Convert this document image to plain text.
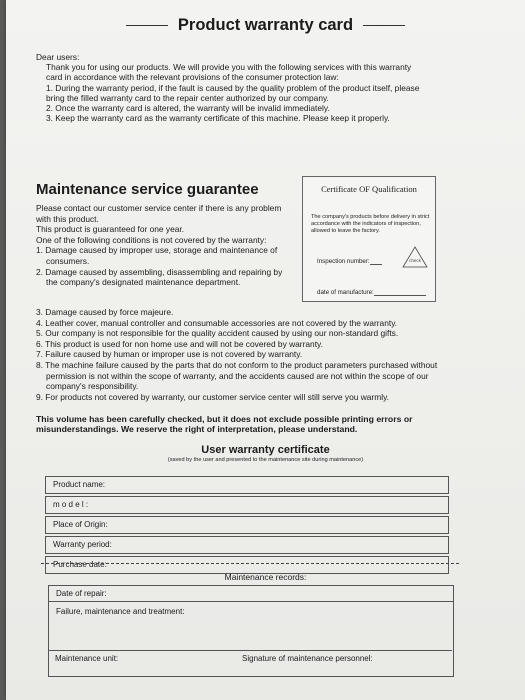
Product warranty card

Dear users:

Thank you for using our products. We will provide you with the following services with this warranty card in accordance with the relevant provisions of the consumer protection law:

1. During the warranty period, if the fault is caused by the quality problem of the product itself, please bring the filled warranty card to the repair center authorized by our company.
2. Once the warranty card is altered, the warranty will be invalid immediately.
3. Keep the warranty card as the warranty certificate of this machine. Please keep it properly.
Maintenance service guarantee	Certificate OF Qualification
The company's products before delivery in strict accordance with the indicators of inspection, allowed to leave the factory.
Inspection number:
date of manufacture:
check

Please contact our customer service center if there is any problem with this product.

This product is guaranteed for one year.

One of the following conditions is not covered by the warranty:

1. Damage caused by improper use, storage and maintenance of consumers.

2. Damage caused by assembling, disassembling and repairing by the company's designated maintenance department.

3. Damage caused by force majeure.

4. Leather cover, manual controller and consumable accessories are not covered by the warranty.

5. Our company is not responsible for the quality accident caused by using our non-standard gifts.

6. This product is used for non home use and will not be covered by warranty.

7. Failure caused by human or improper use is not covered by warranty.

8. The machine failure caused by the parts that do not conform to the product parameters purchased without permission is not within the scope of warranty, and the accidents caused are not within the scope of our company's responsibility.

9. For products not covered by warranty, our customer service center will still serve you warmly.

This volume has been carefully checked, but it does not exclude possible printing errors or misunderstandings. We reserve the right of interpretation, please understand.
User warranty certificate
(saved by the user and presented to the maintenance site during maintenance)
Product name:
m o d e l :
Place of Origin:
Warranty period:
Purchase date:
Maintenance records:
Date of repair:
Failure, maintenance and treatment:
Maintenance unit:	Signature of maintenance personnel:
